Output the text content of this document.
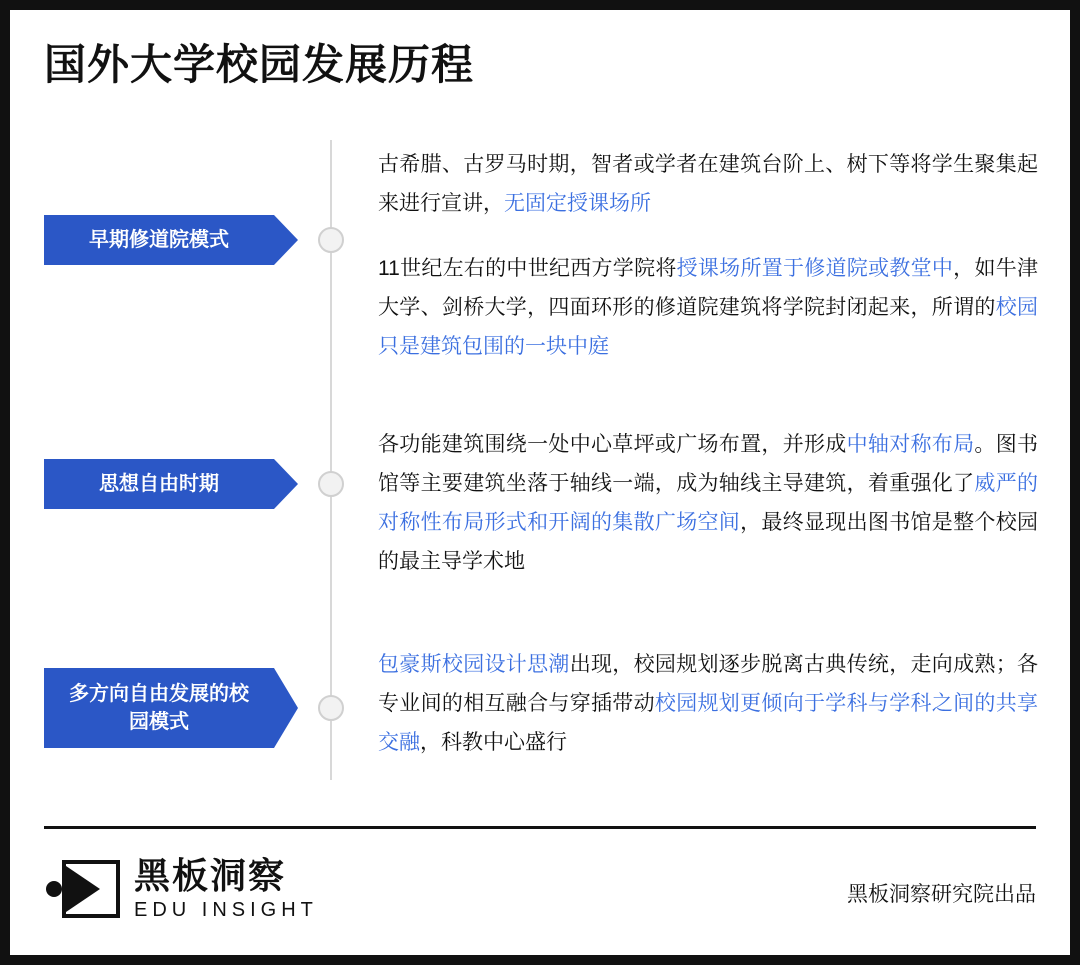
国外大学校园发展历程
早期修道院模式

古希腊、古罗马时期，智者或学者在建筑台阶上、树下等将学生聚集起来进行宣讲，无固定授课场所

11世纪左右的中世纪西方学院将授课场所置于修道院或教堂中，如牛津大学、剑桥大学，四面环形的修道院建筑将学院封闭起来，所谓的校园只是建筑包围的一块中庭

思想自由时期

各功能建筑围绕一处中心草坪或广场布置，并形成中轴对称布局。图书馆等主要建筑坐落于轴线一端，成为轴线主导建筑，着重强化了威严的对称性布局形式和开阔的集散广场空间，最终显现出图书馆是整个校园的最主导学术地

多方向自由发展的校园模式

包豪斯校园设计思潮出现，校园规划逐步脱离古典传统，走向成熟；各专业间的相互融合与穿插带动校园规划更倾向于学科与学科之间的共享交融，科教中心盛行

黑板洞察
EDU INSIGHT
黑板洞察研究院出品
